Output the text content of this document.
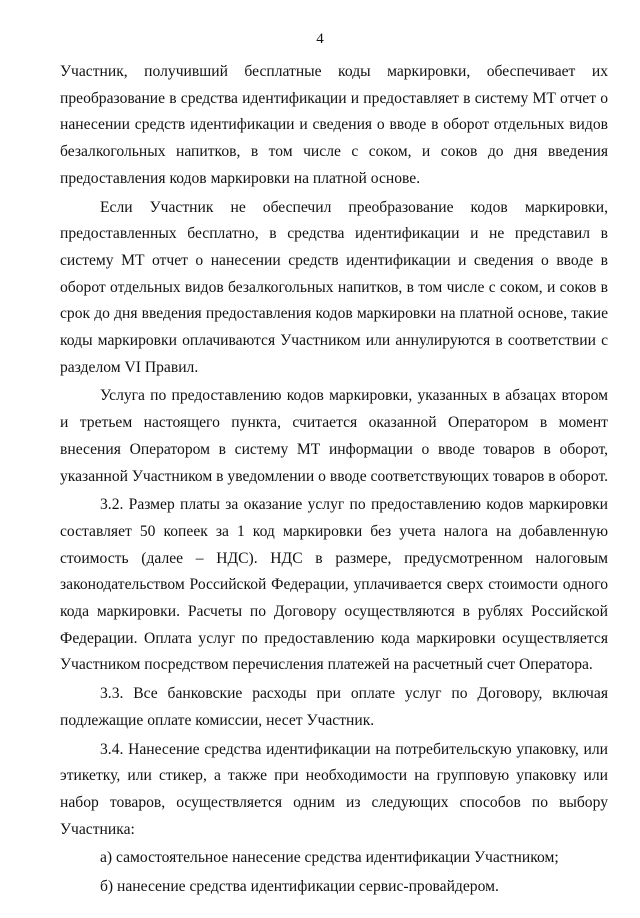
4

Участник, получивший бесплатные коды маркировки, обеспечивает их преобразование в средства идентификации и предоставляет в систему МТ отчет о нанесении средств идентификации и сведения о вводе в оборот отдельных видов безалкогольных напитков, в том числе с соком, и соков до дня введения предоставления кодов маркировки на платной основе.

Если Участник не обеспечил преобразование кодов маркировки, предоставленных бесплатно, в средства идентификации и не представил в систему МТ отчет о нанесении средств идентификации и сведения о вводе в оборот отдельных видов безалкогольных напитков, в том числе с соком, и соков в срок до дня введения предоставления кодов маркировки на платной основе, такие коды маркировки оплачиваются Участником или аннулируются в соответствии с разделом VI Правил.

Услуга по предоставлению кодов маркировки, указанных в абзацах втором и третьем настоящего пункта, считается оказанной Оператором в момент внесения Оператором в систему МТ информации о вводе товаров в оборот, указанной Участником в уведомлении о вводе соответствующих товаров в оборот.

3.2. Размер платы за оказание услуг по предоставлению кодов маркировки составляет 50 копеек за 1 код маркировки без учета налога на добавленную стоимость (далее – НДС). НДС в размере, предусмотренном налоговым законодательством Российской Федерации, уплачивается сверх стоимости одного кода маркировки. Расчеты по Договору осуществляются в рублях Российской Федерации. Оплата услуг по предоставлению кода маркировки осуществляется Участником посредством перечисления платежей на расчетный счет Оператора.

3.3. Все банковские расходы при оплате услуг по Договору, включая подлежащие оплате комиссии, несет Участник.

3.4. Нанесение средства идентификации на потребительскую упаковку, или этикетку, или стикер, а также при необходимости на групповую упаковку или набор товаров, осуществляется одним из следующих способов по выбору Участника:

а) самостоятельное нанесение средства идентификации Участником;

б) нанесение средства идентификации сервис-провайдером.
